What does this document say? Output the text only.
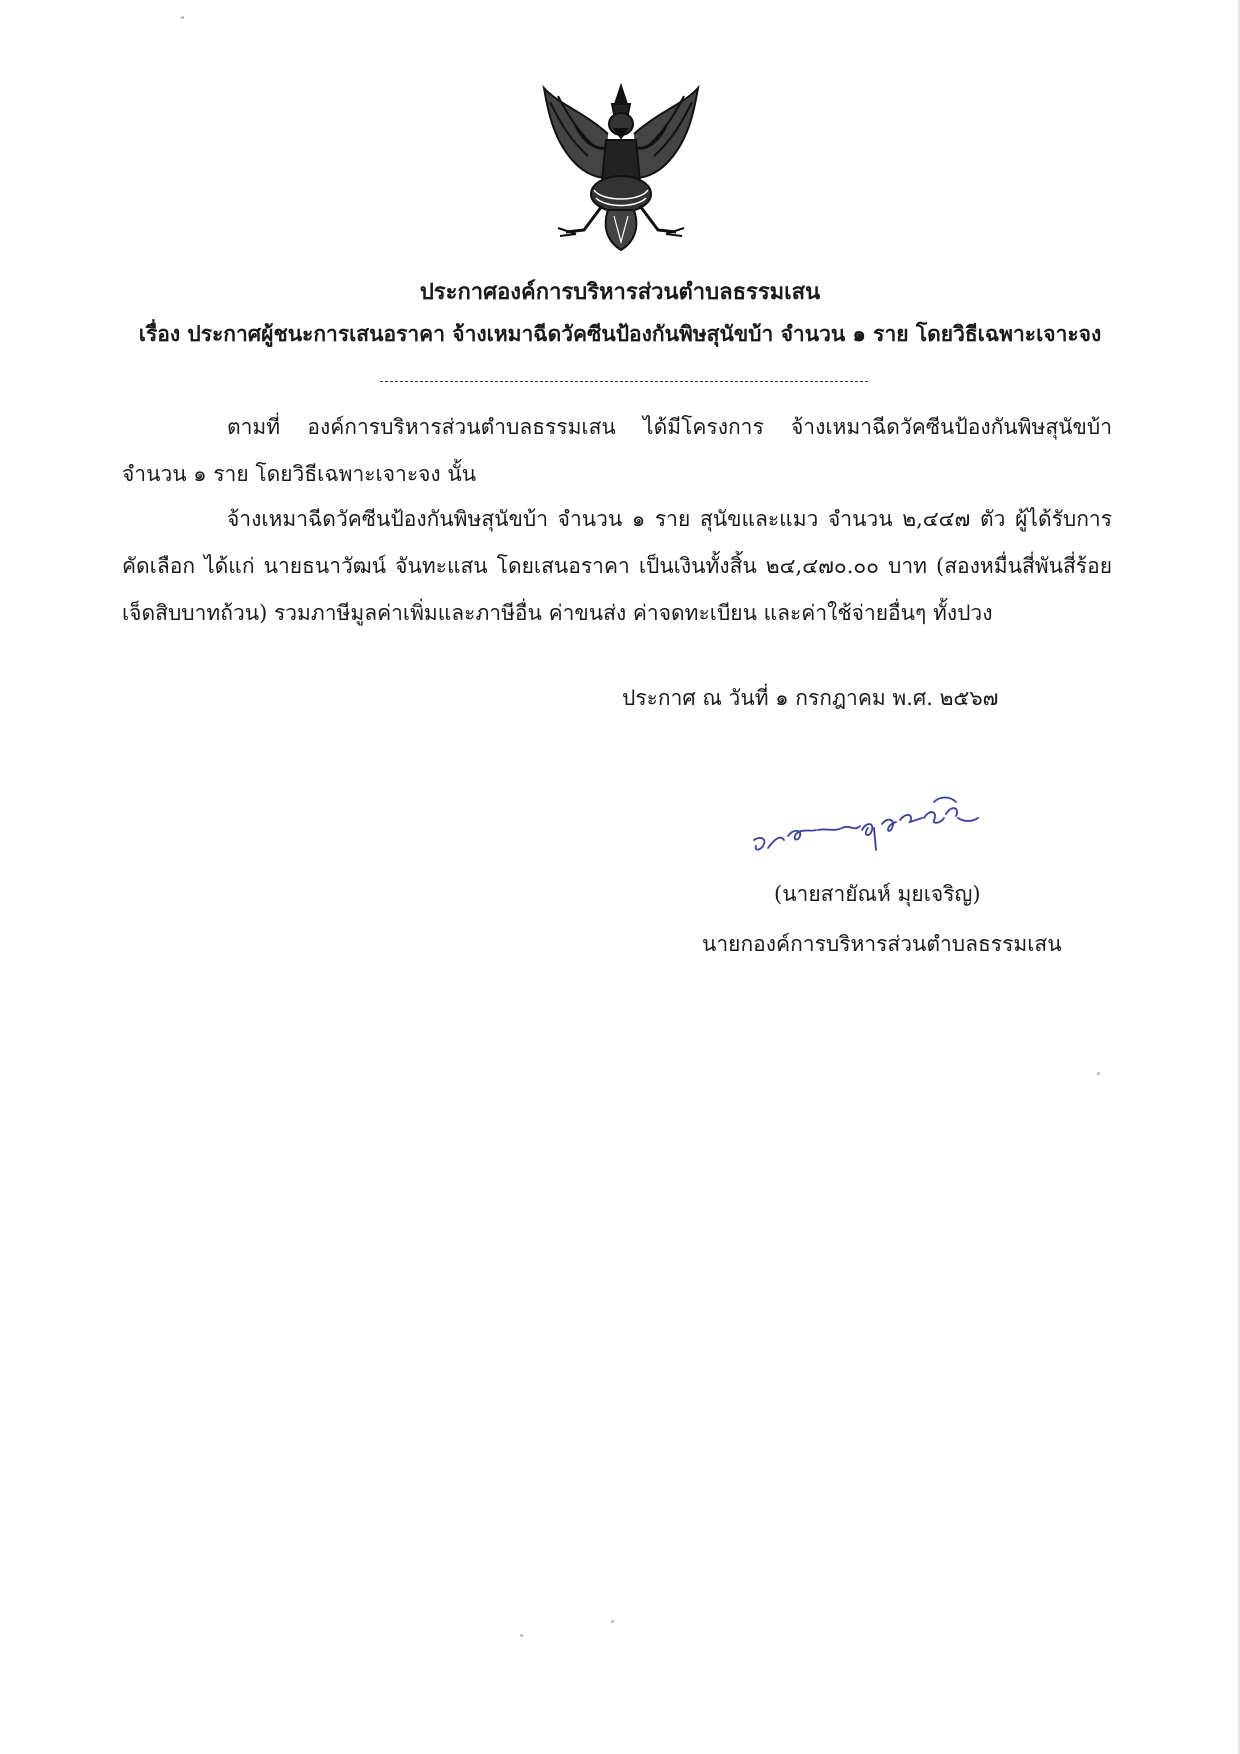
ประกาศองค์การบริหารส่วนตำบลธรรมเสน
เรื่อง ประกาศผู้ชนะการเสนอราคา จ้างเหมาฉีดวัคซีนป้องกันพิษสุนัขบ้า จำนวน ๑ ราย โดยวิธีเฉพาะเจาะจง
ตามที่ องค์การบริหารส่วนตำบลธรรมเสน ได้มีโครงการ จ้างเหมาฉีดวัคซีนป้องกันพิษสุนัขบ้า จำนวน ๑ ราย โดยวิธีเฉพาะเจาะจง นั้น
จ้างเหมาฉีดวัคซีนป้องกันพิษสุนัขบ้า จำนวน ๑ ราย สุนัขและแมว จำนวน ๒,๔๔๗ ตัว ผู้ได้รับการคัดเลือก ได้แก่ นายธนาวัฒน์ จันทะแสน โดยเสนอราคา เป็นเงินทั้งสิ้น ๒๔,๔๗๐.๐๐ บาท (สองหมื่นสี่พันสี่ร้อยเจ็ดสิบบาทถ้วน) รวมภาษีมูลค่าเพิ่มและภาษีอื่น ค่าขนส่ง ค่าจดทะเบียน และค่าใช้จ่ายอื่นๆ ทั้งปวง
ประกาศ ณ วันที่ ๑ กรกฎาคม พ.ศ. ๒๕๖๗
(นายสายัณห์ มุยเจริญ)
นายกองค์การบริหารส่วนตำบลธรรมเสน
